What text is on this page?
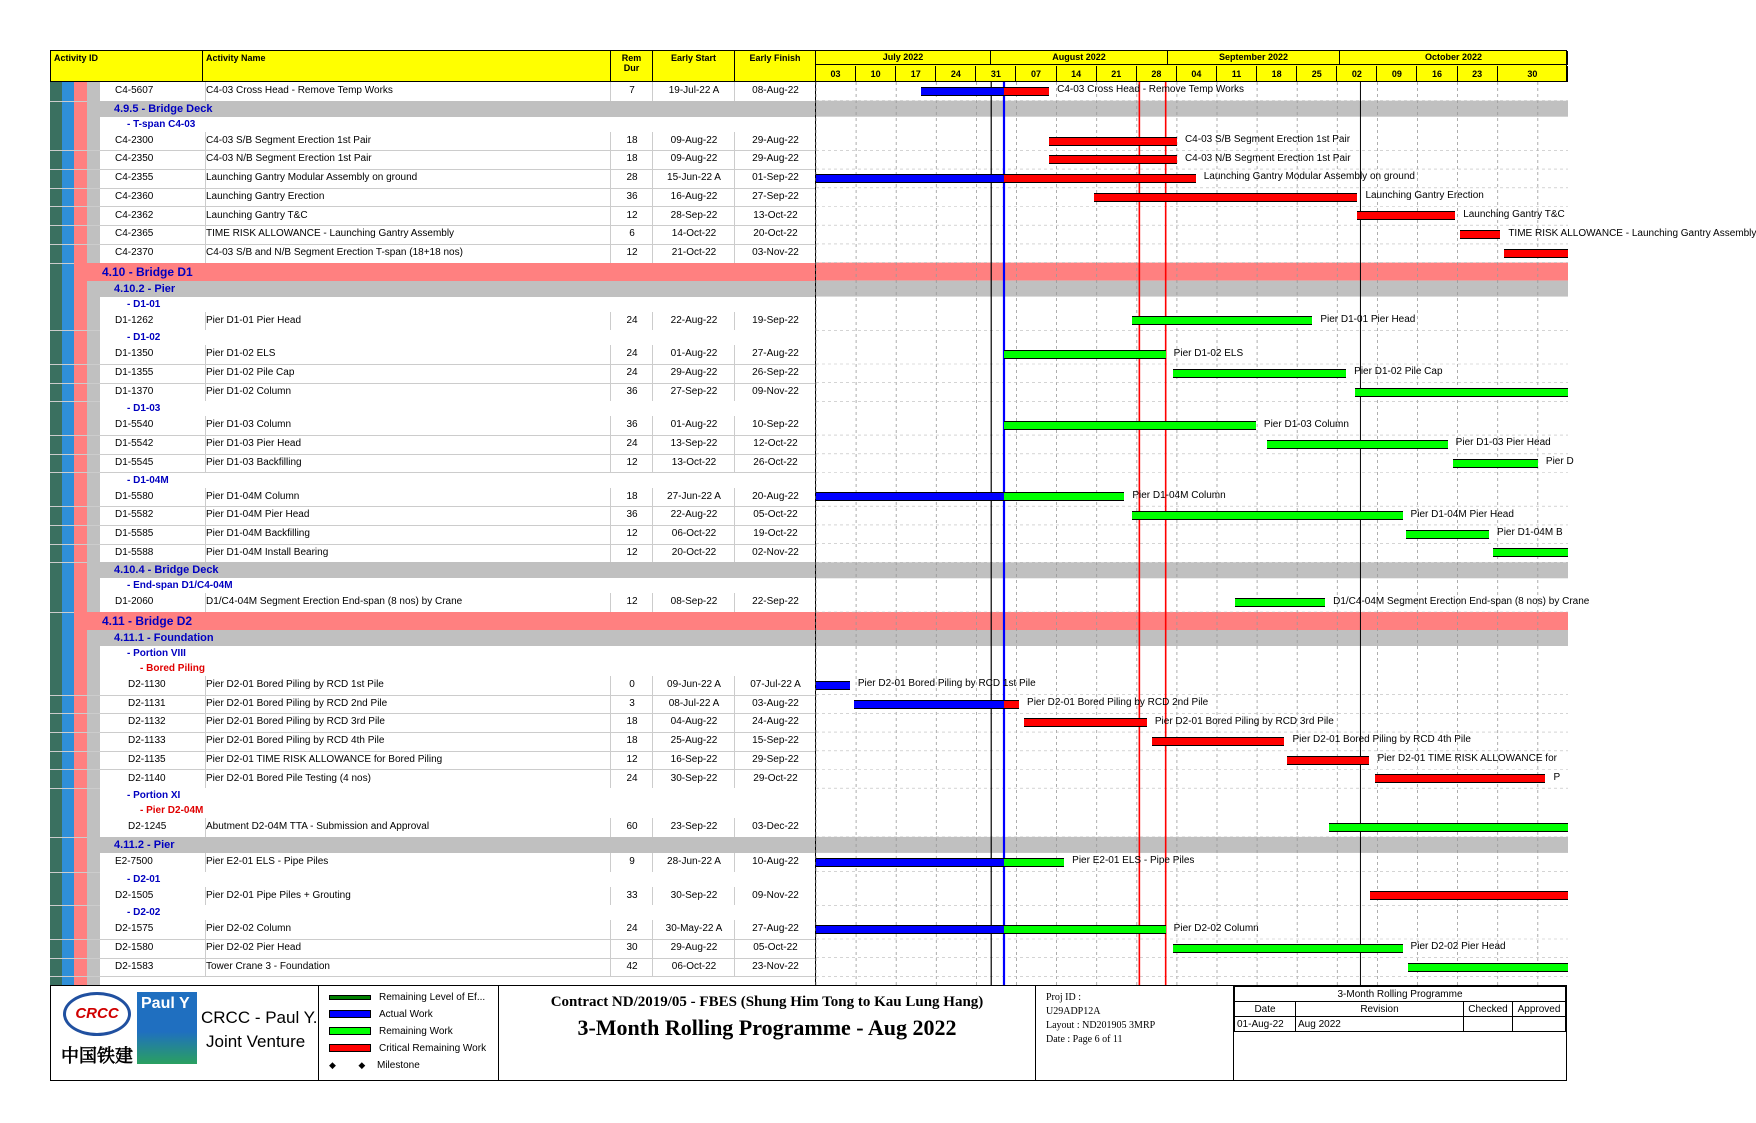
Activity ID	Activity Name	Rem Dur
Early Start	Early Finish	July 2022	August 2022	September 2022	October 2022
03	10	17	24	31	07	14	21	28	04	11	18	25	02	09	16	23	30
C4-5607	C4-03 Cross Head - Remove Temp Works	7	19-Jul-22 A	08-Aug-22
4.9.5 - Bridge Deck
- T-span C4-03
C4-2300	C4-03 S/B Segment Erection 1st Pair	18	09-Aug-22	29-Aug-22
C4-2350	C4-03 N/B Segment Erection 1st Pair	18	09-Aug-22	29-Aug-22
C4-2355	Launching Gantry Modular Assembly on ground	28	15-Jun-22 A	01-Sep-22
C4-2360	Launching Gantry Erection	36	16-Aug-22	27-Sep-22
C4-2362	Launching Gantry T&C	12	28-Sep-22	13-Oct-22
C4-2365	TIME RISK ALLOWANCE - Launching Gantry Assembly	6	14-Oct-22	20-Oct-22
C4-2370	C4-03 S/B and N/B Segment Erection T-span (18+18 nos)	12	21-Oct-22	03-Nov-22
4.10 - Bridge D1
4.10.2 - Pier
- D1-01
D1-1262	Pier D1-01 Pier Head	24	22-Aug-22	19-Sep-22
- D1-02
D1-1350	Pier D1-02 ELS	24	01-Aug-22	27-Aug-22
D1-1355	Pier D1-02 Pile Cap	24	29-Aug-22	26-Sep-22
D1-1370	Pier D1-02 Column	36	27-Sep-22	09-Nov-22
- D1-03
D1-5540	Pier D1-03 Column	36	01-Aug-22	10-Sep-22
D1-5542	Pier D1-03 Pier Head	24	13-Sep-22	12-Oct-22
D1-5545	Pier D1-03 Backfilling	12	13-Oct-22	26-Oct-22
- D1-04M
D1-5580	Pier D1-04M Column	18	27-Jun-22 A	20-Aug-22
D1-5582	Pier D1-04M Pier Head	36	22-Aug-22	05-Oct-22
D1-5585	Pier D1-04M Backfilling	12	06-Oct-22	19-Oct-22
D1-5588	Pier D1-04M Install Bearing	12	20-Oct-22	02-Nov-22
4.10.4 - Bridge Deck
- End-span D1/C4-04M
D1-2060	D1/C4-04M Segment Erection End-span (8 nos) by Crane	12	08-Sep-22	22-Sep-22
4.11 - Bridge D2
4.11.1 - Foundation
- Portion VIII
- Bored Piling
D2-1130	Pier D2-01 Bored Piling by RCD 1st Pile	0	09-Jun-22 A	07-Jul-22 A
D2-1131	Pier D2-01 Bored Piling by RCD 2nd Pile	3	08-Jul-22 A	03-Aug-22
D2-1132	Pier D2-01 Bored Piling by RCD 3rd Pile	18	04-Aug-22	24-Aug-22
D2-1133	Pier D2-01 Bored Piling by RCD 4th Pile	18	25-Aug-22	15-Sep-22
D2-1135	Pier D2-01 TIME RISK ALLOWANCE for Bored Piling	12	16-Sep-22	29-Sep-22
D2-1140	Pier D2-01 Bored Pile Testing (4 nos)	24	30-Sep-22	29-Oct-22
- Portion XI
- Pier D2-04M
D2-1245	Abutment D2-04M TTA - Submission and Approval	60	23-Sep-22	03-Dec-22
4.11.2 - Pier
E2-7500	Pier E2-01 ELS - Pipe Piles	9	28-Jun-22 A	10-Aug-22
- D2-01
D2-1505	Pier D2-01 Pipe Piles + Grouting	33	30-Sep-22	09-Nov-22
- D2-02
D2-1575	Pier D2-02 Column	24	30-May-22 A	27-Aug-22
D2-1580	Pier D2-02 Pier Head	30	29-Aug-22	05-Oct-22
D2-1583	Tower Crane 3 - Foundation	42	06-Oct-22	23-Nov-22
C4-03 Cross Head - Remove Temp Works
C4-03 S/B Segment Erection 1st Pair
C4-03 N/B Segment Erection 1st Pair
Launching Gantry Modular Assembly on ground
Launching Gantry Erection
Launching Gantry T&C
TIME RISK ALLOWANCE - Launching Gantry Assembly
Pier D1-01 Pier Head
Pier D1-02 ELS
Pier D1-02 Pile Cap
Pier D1-03 Column
Pier D1-03 Pier Head
Pier D
Pier D1-04M Column
Pier D1-04M Pier Head
Pier D1-04M B
D1/C4-04M Segment Erection End-span (8 nos) by Crane
Pier D2-01 Bored Piling by RCD 1st Pile
Pier D2-01 Bored Piling by RCD 2nd Pile
Pier D2-01 Bored Piling by RCD 3rd Pile
Pier D2-01 Bored Piling by RCD 4th Pile
Pier D2-01 TIME RISK ALLOWANCE for
P
Pier E2-01 ELS - Pipe Piles
Pier D2-02 Column
Pier D2-02 Pier Head
CRCC
中国铁建
Paul Y
CRCC - Paul Y.
Joint Venture
Remaining Level of Ef...
Actual Work
Remaining Work
Critical Remaining Work
◆         ◆ Milestone
Contract ND/2019/05 - FBES (Shung Him Tong to Kau Lung Hang)
3-Month Rolling Programme - Aug 2022
Proj ID :
U29ADP12A
Layout : ND201905 3MRP
Date : Page 6 of 11
3-Month Rolling Programme			
Date	Revision	Checked	Approved
01-Aug-22	Aug 2022		
